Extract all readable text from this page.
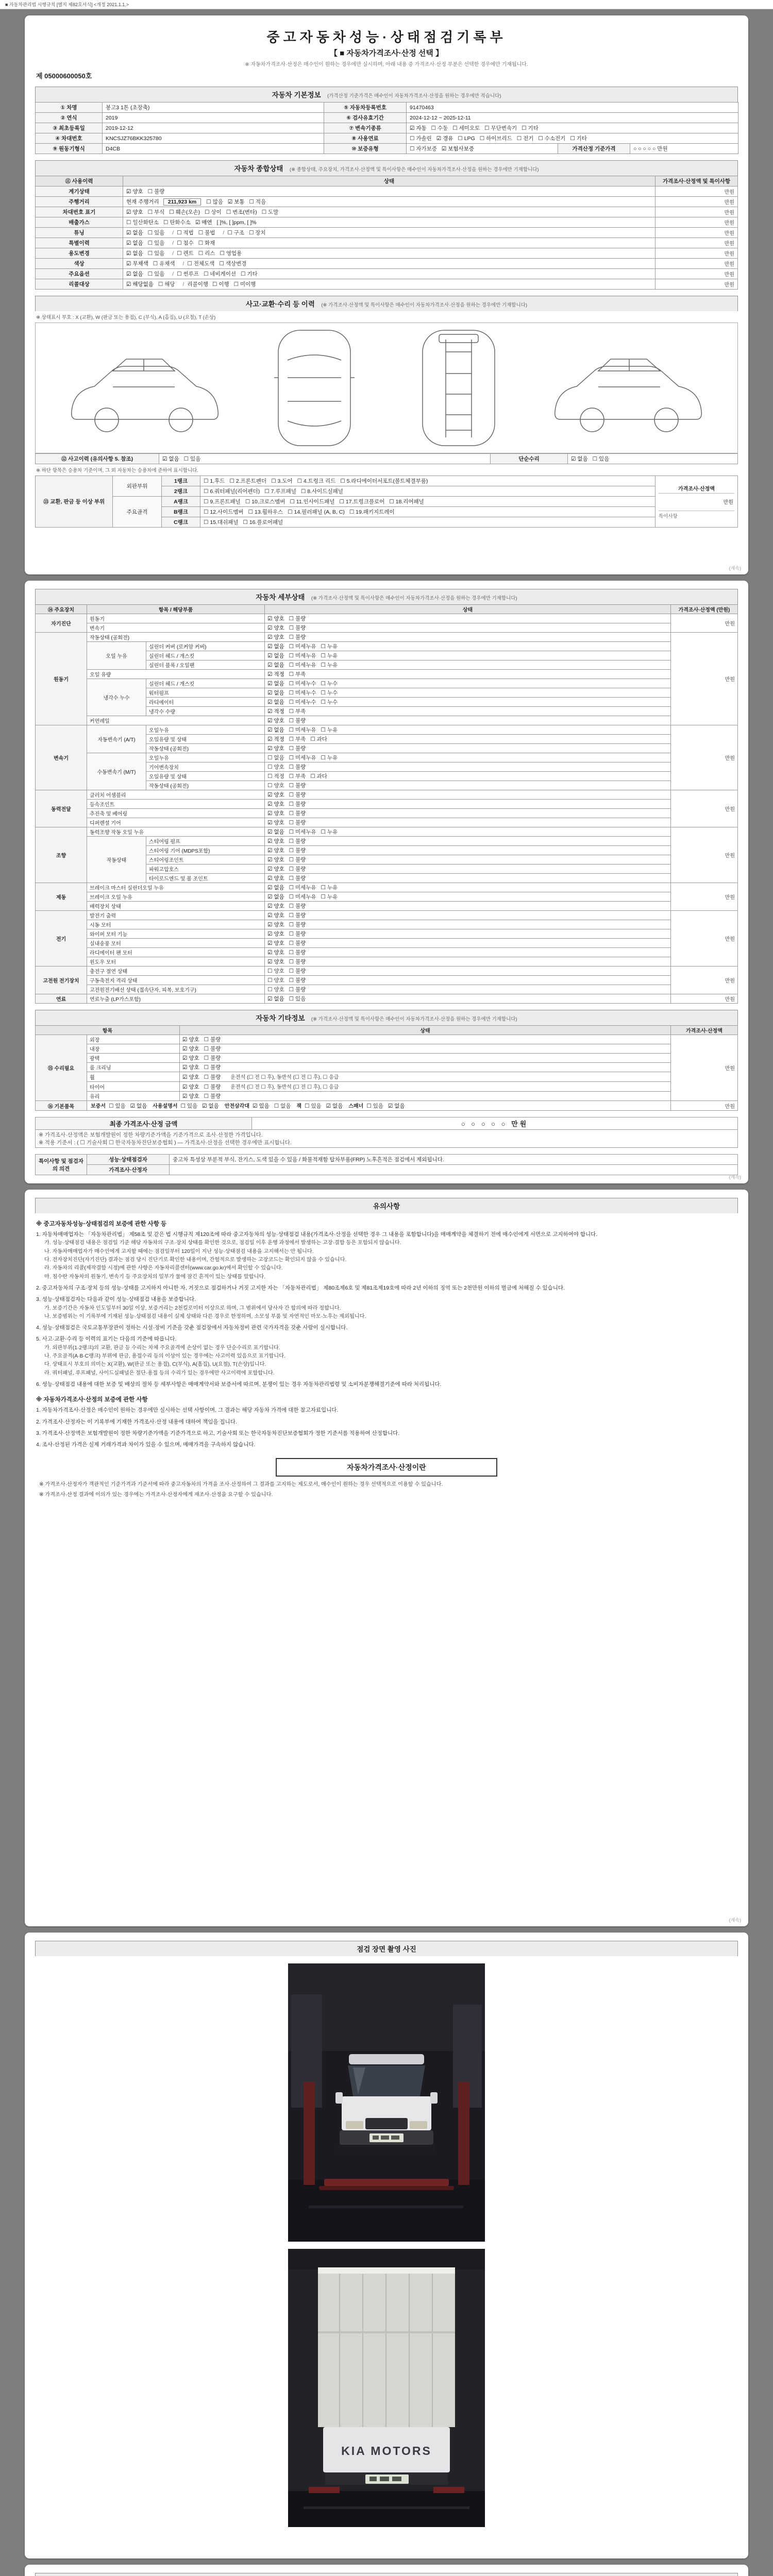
■ 자동차관리법 시행규칙 [별지 제82호서식] <개정 2021.1.1.>
중고자동차성능·상태점검기록부
【 ■ 자동차가격조사·산정 선택 】
※ 자동차가격조사·산정은 매수인이 원하는 경우에만 실시하며, 아래 내용 중 가격조사·산정 부분은 선택한 경우에만 기재됩니다.
제 05000600050호
자동차 기본정보 (가격산정 기준가격은 매수인이 자동차가격조사·산정을 원하는 경우에만 적습니다)
① 차명	봉고3 1톤 (초장축)	⑤ 자동차등록번호	91470463		
② 연식	2019	⑥ 검사유효기간	2024-12-12 ~ 2025-12-11		
③ 최초등록일	2019-12-12	⑦ 변속기종류	☑ 자동 ☐ 수동 ☐ 세미오토 ☐ 무단변속기 ☐ 기타		
④ 차대번호	KNCSJZ76BKK325780	⑧ 사용연료	☐ 가솔린 ☑ 경유 ☐ LPG ☐ 하이브리드 ☐ 전기 ☐ 수소전기 ☐ 기타		
⑨ 원동기형식	D4CB	⑩ 보증유형	☐ 자가보증 ☑ 보험사보증	가격산정 기준가격	○ ○ ○ ○ ○ 만원
자동차 종합상태 (※ 종합상태, 주요장치, 가격조사·산정액 및 특이사항은 매수인이 자동차가격조사·산정을 원하는 경우에만 기재합니다)
⑪ 사용이력	상태	가격조사·산정액 및 특이사항
계기상태	☑ 양호 ☐ 불량	만원
주행거리	현재 주행거리 211,923 km ☐ 많음 ☑ 보통 ☐ 적음	만원
차대번호 표기	☑ 양호 ☐ 부식 ☐ 훼손(오손) ☐ 상이 ☐ 변조(변타) ☐ 도말	만원
배출가스	☐ 일산화탄소 ☐ 탄화수소 ☑ 매연 [ ]%, [ ]ppm, [ ]%	만원
튜닝	☑ 없음 ☐ 있음 / ☐ 적법 ☐ 불법 / ☐ 구조 ☐ 장치	만원
특별이력	☑ 없음 ☐ 있음 / ☐ 침수 ☐ 화재	만원
용도변경	☑ 없음 ☐ 있음 / ☐ 렌트 ☐ 리스 ☐ 영업용	만원
색상	☑ 무채색 ☐ 유채색 / ☐ 전체도색 ☐ 색상변경	만원
주요옵션	☑ 없음 ☐ 있음 / ☐ 썬루프 ☐ 네비게이션 ☐ 기타	만원
리콜대상	☑ 해당없음 ☐ 해당 / 리콜이행 ☐ 이행 ☐ 미이행	만원
사고·교환·수리 등 이력 (※ 가격조사·산정액 및 특이사항은 매수인이 자동차가격조사·산정을 원하는 경우에만 기재합니다)
※ 상태표시 부호 : X (교환), W (판금 또는 용접), C (부식), A (흠집), U (요철), T (손상)
⑫ 사고이력 (유의사항 5. 참조)	☑ 없음 ☐ 있음	단순수리	☑ 없음 ☐ 있음
※ 하단 항목은 승용차 기준이며, 그 외 자동차는 승용차에 준하여 표시합니다.
⑬ 교환, 판금 등 이상 부위	외판부위	1랭크	☐ 1.후드 ☐ 2.프론트펜더 ☐ 3.도어 ☐ 4.트렁크 리드 ☐ 5.라디에이터서포트(볼트체결부품)	가격조사·산정액
만원
특이사항

		2랭크	☐ 6.쿼터패널(리어펜더) ☐ 7.루프패널 ☐ 8.사이드실패널	
	주요골격	A랭크	☐ 9.프론트패널 ☐ 10.크로스멤버 ☐ 11.인사이드패널 ☐ 17.트렁크플로어 ☐ 18.리어패널	
		B랭크	☐ 12.사이드멤버 ☐ 13.휠하우스 ☐ 14.필러패널 (A, B, C) ☐ 19.패키지트레이	
		C랭크	☐ 15.대쉬패널 ☐ 16.플로어패널	
(계속)
자동차 세부상태 (※ 가격조사·산정액 및 특이사항은 매수인이 자동차가격조사·산정을 원하는 경우에만 기재합니다)
⑭ 주요장치	항목 / 해당부품		상태	가격조사·산정액 (만원)
자기진단	원동기		☑ 양호 ☐ 불량	만원
	변속기		☑ 양호 ☐ 불량	
원동기	작동상태 (공회전)		☑ 양호 ☐ 불량	만원
	오일 누유	실린더 커버 (로커암 커버)	☑ 없음 ☐ 미세누유 ☐ 누유	
		실린더 헤드 / 개스킷	☑ 없음 ☐ 미세누유 ☐ 누유	
		실린더 블록 / 오일팬	☑ 없음 ☐ 미세누유 ☐ 누유	
	오일 유량		☑ 적정 ☐ 부족	
	냉각수 누수	실린더 헤드 / 개스킷	☑ 없음 ☐ 미세누수 ☐ 누수	
		워터펌프	☑ 없음 ☐ 미세누수 ☐ 누수	
		라디에이터	☑ 없음 ☐ 미세누수 ☐ 누수	
		냉각수 수량	☑ 적정 ☐ 부족	
	커먼레일		☑ 양호 ☐ 불량	
변속기	자동변속기 (A/T)	오일누유	☑ 없음 ☐ 미세누유 ☐ 누유	만원
		오일유량 및 상태	☑ 적정 ☐ 부족 ☐ 과다	
		작동상태 (공회전)	☑ 양호 ☐ 불량	
	수동변속기 (M/T)	오일누유	☐ 없음 ☐ 미세누유 ☐ 누유	
		기어변속장치	☐ 양호 ☐ 불량	
		오일유량 및 상태	☐ 적정 ☐ 부족 ☐ 과다	
		작동상태 (공회전)	☐ 양호 ☐ 불량	
동력전달	클러치 어셈블리		☑ 양호 ☐ 불량	만원
	등속조인트		☑ 양호 ☐ 불량	
	추진축 및 베어링		☑ 양호 ☐ 불량	
	디퍼렌셜 기어		☑ 양호 ☐ 불량	
조향	동력조향 작동 오일 누유		☑ 없음 ☐ 미세누유 ☐ 누유	만원
	작동상태	스티어링 펌프	☑ 양호 ☐ 불량	
		스티어링 기어 (MDPS포함)	☑ 양호 ☐ 불량	
		스티어링조인트	☑ 양호 ☐ 불량	
		파워고압호스	☑ 양호 ☐ 불량	
		타이로드엔드 및 볼 조인트	☑ 양호 ☐ 불량	
제동	브레이크 마스터 실린더오일 누유		☑ 없음 ☐ 미세누유 ☐ 누유	만원
	브레이크 오일 누유		☑ 없음 ☐ 미세누유 ☐ 누유	
	배력장치 상태		☑ 양호 ☐ 불량	
전기	발전기 출력		☑ 양호 ☐ 불량	만원
	시동 모터		☑ 양호 ☐ 불량	
	와이퍼 모터 기능		☑ 양호 ☐ 불량	
	실내송풍 모터		☑ 양호 ☐ 불량	
	라디에이터 팬 모터		☑ 양호 ☐ 불량	
	윈도우 모터		☑ 양호 ☐ 불량	
고전원 전기장치	충전구 절연 상태		☐ 양호 ☐ 불량	만원
	구동축전지 격리 상태		☐ 양호 ☐ 불량	
	고전원전기배선 상태 (접속단자, 피복, 보호기구)		☐ 양호 ☐ 불량	
연료	연료누출 (LP가스포함)		☑ 없음 ☐ 있음	만원
자동차 기타정보 (※ 가격조사·산정액 및 특이사항은 매수인이 자동차가격조사·산정을 원하는 경우에만 기재합니다)
항목		상태	가격조사·산정액
⑮ 수리필요	외장	☑ 양호 ☐ 불량	만원
	내장	☑ 양호 ☐ 불량	
	광택	☑ 양호 ☐ 불량	
	룸 크리닝	☑ 양호 ☐ 불량	
	휠	☑ 양호 ☐ 불량 운전석 (☐ 전 ☐ 후), 동반석 (☐ 전 ☐ 후), ☐ 응급	
	타이어	☑ 양호 ☐ 불량 운전석 (☐ 전 ☐ 후), 동반석 (☐ 전 ☐ 후), ☐ 응급	
	유리	☑ 양호 ☐ 불량	
⑯ 기본품목	보증서 ☐ 있음 ☑ 없음 사용설명서 ☐ 있음 ☑ 없음 안전삼각대 ☑ 있음 ☐ 없음 잭 ☐ 있음 ☑ 없음 스패너 ☐ 있음 ☑ 없음		만원
최종 가격조사·산정 금액	○ ○ ○ ○ ○ 만원

※ 가격조사·산정액은 보험개발원이 정한 차량기준가액을 기준가격으로 조사·산정한 가격입니다.
※ 적용 기준서 : ( ☐ 기술사회 ☐ 한국자동차진단보증협회 ) — 가격조사·산정을 선택한 경우에만 표시합니다.
특이사항 및 점검자의 의견	성능·상태점검자	중고차 특성상 부분적 부식, 잔기스, 도색 있을 수 있음 / 화물적재함 탑차부품(FRP) 노후흔적은 점검에서 제외됩니다.
	가격조사·산정자	
(계속)
유의사항
※ 중고자동차성능·상태점검의 보증에 관한 사항 등
1. 자동차매매업자는 「자동차관리법」 제58조 및 같은 법 시행규칙 제120조에 따라 중고자동차의 성능·상태점검 내용(가격조사·산정을 선택한 경우 그 내용을 포함합니다)을 매매계약을 체결하기 전에 매수인에게 서면으로 고지하여야 합니다.
가. 성능·상태점검 내용은 점검일 기준 해당 자동차의 구조·장치 상태를 확인한 것으로, 점검일 이후 운행 과정에서 발생하는 고장·결함 등은 포함되지 않습니다.
나. 자동차매매업자가 매수인에게 고지할 때에는 점검일부터 120일이 지난 성능·상태점검 내용을 고지해서는 안 됩니다.
다. 전자장치진단(자기진단) 결과는 점검 당시 진단기로 확인한 내용이며, 간헐적으로 발생하는 고장코드는 확인되지 않을 수 있습니다.
라. 자동차의 리콜(제작결함 시정)에 관한 사항은 자동차리콜센터(www.car.go.kr)에서 확인할 수 있습니다.
마. 침수란 자동차의 원동기, 변속기 등 주요장치의 일부가 물에 잠긴 흔적이 있는 상태를 말합니다.
2. 중고자동차의 구조·장치 등의 성능·상태를 고지하지 아니한 자, 거짓으로 점검하거나 거짓 고지한 자는 「자동차관리법」 제80조제6호 및 제81조제19호에 따라 2년 이하의 징역 또는 2천만원 이하의 벌금에 처해질 수 있습니다.
3. 성능·상태점검자는 다음과 같이 성능·상태점검 내용을 보증합니다.
가. 보증기간은 자동차 인도일부터 30일 이상, 보증거리는 2천킬로미터 이상으로 하며, 그 범위에서 당사자 간 합의에 따라 정합니다.
나. 보증범위는 이 기록부에 기재된 성능·상태점검 내용이 실제 상태와 다른 경우로 한정하며, 소모성 부품 및 자연적인 마모·노후는 제외됩니다.
4. 성능·상태점검은 국토교통부장관이 정하는 시설·장비 기준을 갖춘 점검장에서 자동차정비 관련 국가자격을 갖춘 사람이 실시합니다.
5. 사고·교환·수리 등 이력의 표기는 다음의 기준에 따릅니다.
가. 외판부위(1·2랭크)의 교환, 판금 등 수리는 차체 주요골격에 손상이 없는 경우 단순수리로 표기합니다.
나. 주요골격(A·B·C랭크) 부위에 판금, 용접수리 등의 이상이 있는 경우에는 사고이력 있음으로 표기합니다.
다. 상태표시 부호의 의미는 X(교환), W(판금 또는 용접), C(부식), A(흠집), U(요철), T(손상)입니다.
라. 쿼터패널, 루프패널, 사이드실패널은 절단·용접 등의 수리가 있는 경우에만 사고이력에 포함합니다.
6. 성능·상태점검 내용에 대한 보증 및 배상의 절차 등 세부사항은 매매계약서와 보증서에 따르며, 분쟁이 있는 경우 자동차관리법령 및 소비자분쟁해결기준에 따라 처리됩니다.
※ 자동차가격조사·산정의 보증에 관한 사항
1. 자동차가격조사·산정은 매수인이 원하는 경우에만 실시하는 선택 사항이며, 그 결과는 해당 자동차 가격에 대한 참고자료입니다.
2. 가격조사·산정자는 이 기록부에 기재한 가격조사·산정 내용에 대하여 책임을 집니다.
3. 가격조사·산정액은 보험개발원이 정한 차량기준가액을 기준가격으로 하고, 기술사회 또는 한국자동차진단보증협회가 정한 기준서를 적용하여 산정합니다.
4. 조사·산정된 가격은 실제 거래가격과 차이가 있을 수 있으며, 매매가격을 구속하지 않습니다.
자동차가격조사·산정이란
※ 가격조사·산정자가 객관적인 기준가격과 기준서에 따라 중고자동차의 가격을 조사·산정하여 그 결과를 고지하는 제도로서, 매수인이 원하는 경우 선택적으로 이용할 수 있습니다.
※ 가격조사·산정 결과에 이의가 있는 경우에는 가격조사·산정자에게 재조사·산정을 요구할 수 있습니다.
(계속)
점검 장면 촬영 사진
KIA MOTORS
